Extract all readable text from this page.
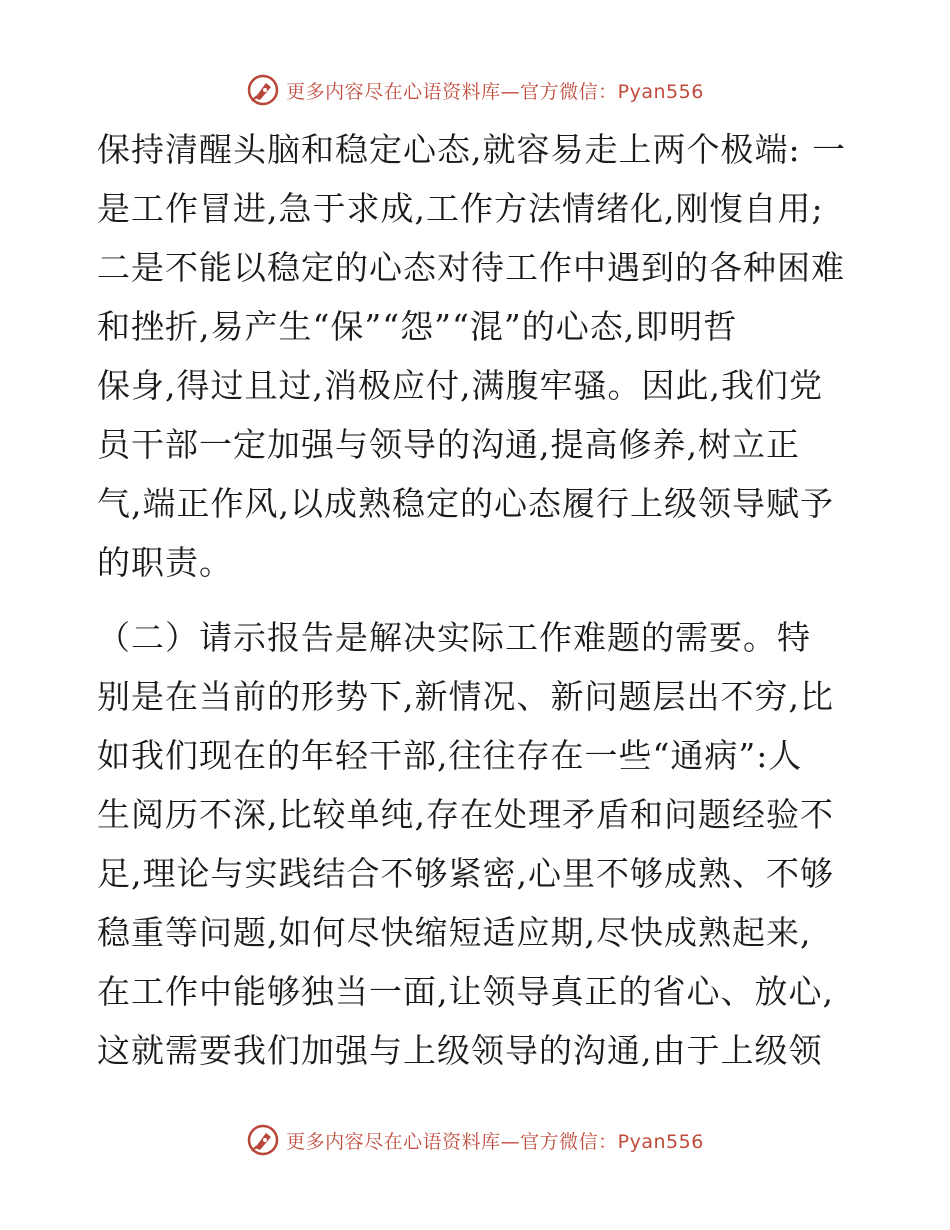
更多内容尽在心语资料库—官方微信：Pyan556

保持清醒头脑和稳定心态,就容易走上两个极端: 一
是工作冒进,急于求成,工作方法情绪化,刚愎自用;
二是不能以稳定的心态对待工作中遇到的各种困难
和挫折,易产生“保”“怨”“混”的心态,即明哲
保身,得过且过,消极应付,满腹牢骚。因此,我们党
员干部一定加强与领导的沟通,提高修养,树立正
气,端正作风,以成熟稳定的心态履行上级领导赋予
的职责。

（二）请示报告是解决实际工作难题的需要。特
别是在当前的形势下,新情况、新问题层出不穷,比
如我们现在的年轻干部,往往存在一些“通病”:人
生阅历不深,比较单纯,存在处理矛盾和问题经验不
足,理论与实践结合不够紧密,心里不够成熟、不够
稳重等问题,如何尽快缩短适应期,尽快成熟起来,
在工作中能够独当一面,让领导真正的省心、放心,
这就需要我们加强与上级领导的沟通,由于上级领

更多内容尽在心语资料库—官方微信：Pyan556
